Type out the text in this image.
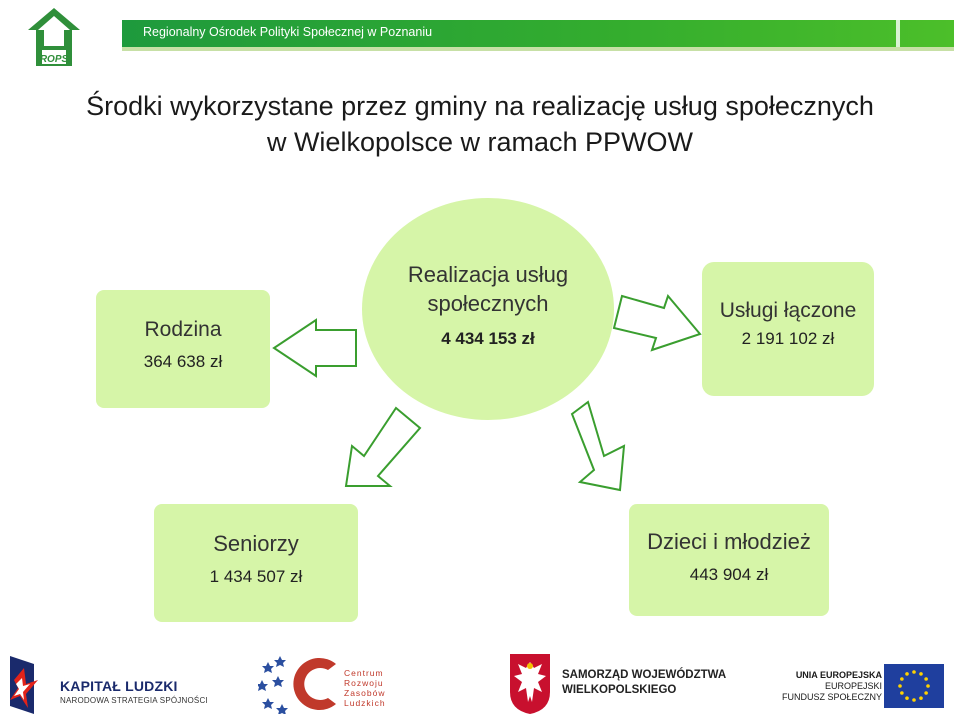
ROPS
Regionalny Ośrodek Polityki Społecznej w Poznaniu
Środki wykorzystane przez gminy na realizację usług społecznych
w Wielkopolsce w ramach PPWOW
Realizacja usług społecznych
4 434 153 zł
Rodzina
364 638 zł
Usługi łączone
2 191 102 zł
Seniorzy
1 434 507 zł
Dzieci i młodzież
443 904 zł
KAPITAŁ LUDZKI
NARODOWA STRATEGIA SPÓJNOŚCI
Centrum
Rozwoju
Zasobów
Ludzkich
SAMORZĄD WOJEWÓDZTWA
WIELKOPOLSKIEGO
UNIA EUROPEJSKA
EUROPEJSKI
FUNDUSZ SPOŁECZNY
